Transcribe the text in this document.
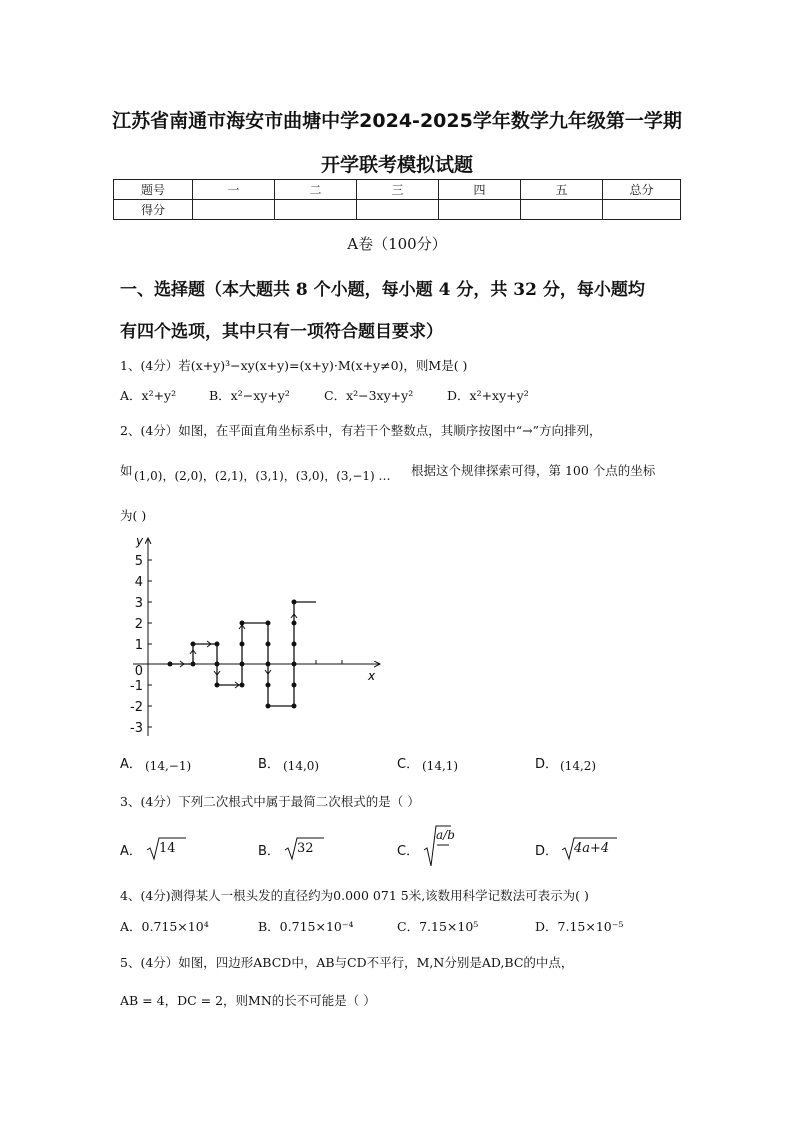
江苏省南通市海安市曲塘中学2024-2025学年数学九年级第一学期
开学联考模拟试题
题号	一	二	三	四	五	总分
得分						
A卷（100分）
一、选择题（本大题共 8 个小题，每小题 4 分，共 32 分，每小题均
有四个选项，其中只有一项符合题目要求）
1、(4分）若(x+y)³−xy(x+y)=(x+y)·M(x+y≠0)，则M是( )
A．x²+y²	B．x²−xy+y²	C．x²−3xy+y²	D．x²+xy+y²
2、(4分）如图，在平面直角坐标系中，有若干个整数点，其顺序按图中“→”方向排列，
如 (1,0)，(2,0)，(2,1)，(3,1)，(3,0)，(3,−1) … 根据这个规律探索可得，第 100 个点的坐标
为( )
y
x
5
4
3
2
1
0
-1
-2
-3
A． (14,−1)	B． (14,0)	C． (14,1)	D． (14,2)
3、(4分）下列二次根式中属于最简二次根式的是（ ）
A． 14	B． 32	C．
a/b
D． 4a+4
4、(4分)测得某人一根头发的直径约为0.000 071 5米,该数用科学记数法可表示为( )
A．0.715×10⁴	B．0.715×10⁻⁴	C．7.15×10⁵	D．7.15×10⁻⁵
5、(4分）如图，四边形ABCD中，AB与CD不平行，M,N分别是AD,BC的中点，
AB = 4，DC = 2，则MN的长不可能是（ ）
